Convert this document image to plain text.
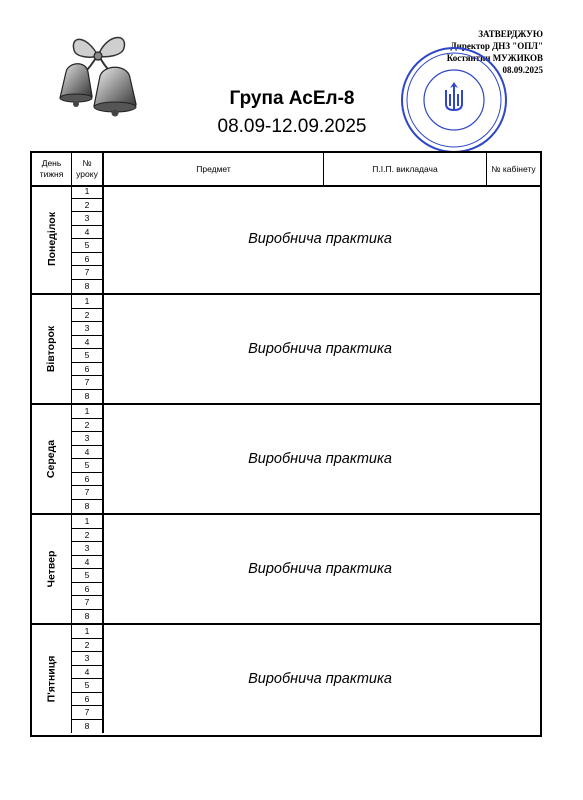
ЗАТВЕРДЖУЮ
Директор ДНЗ "ОПЛ"
Костянтин МУЖИКОВ
08.09.2025
Група АсЕл-8
08.09-12.09.2025
День тижня
№ уроку
Предмет	П.І.П. викладача	№ кабінету
Понеділок
1
2
3
4
5
6
7
8
Виробнича практика
Вівторок
1
2
3
4
5
6
7
8
Виробнича практика
Середа
1
2
3
4
5
6
7
8
Виробнича практика
Четвер
1
2
3
4
5
6
7
8
Виробнича практика
П'ятниця
1
2
3
4
5
6
7
8
Виробнича практика
